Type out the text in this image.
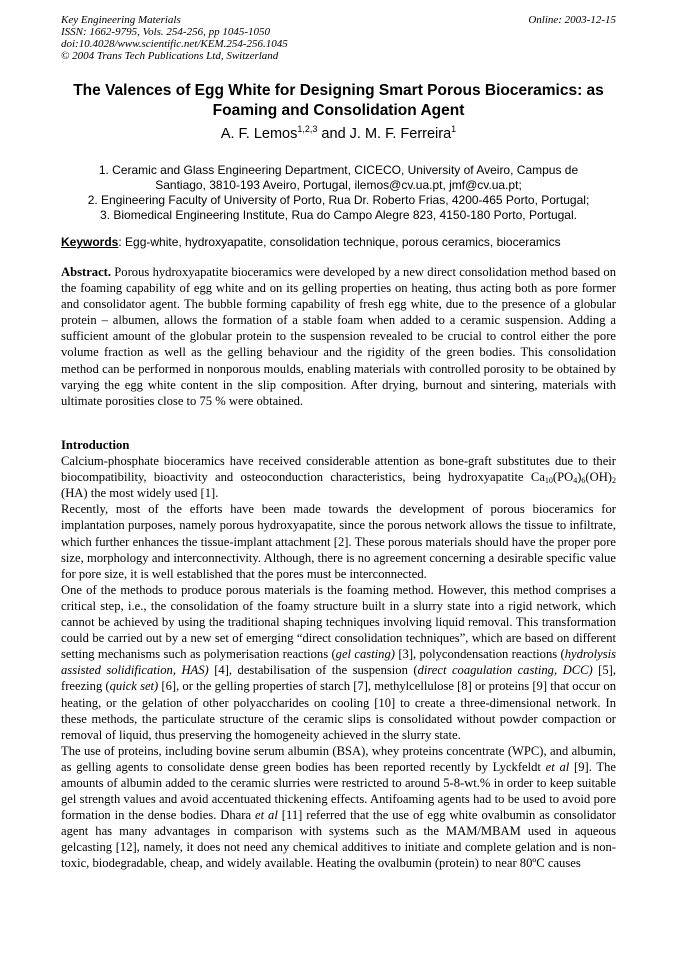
Key Engineering Materials
ISSN: 1662-9795, Vols. 254-256, pp 1045-1050
doi:10.4028/www.scientific.net/KEM.254-256.1045
© 2004 Trans Tech Publications Ltd, Switzerland
Online: 2003-12-15
The Valences of Egg White for Designing Smart Porous Bioceramics: as
Foaming and Consolidation Agent
A. F. Lemos$^{1,2,3}$ and J. M. F. Ferreira$^1$
1. Ceramic and Glass Engineering Department, CICECO, University of Aveiro, Campus de
Santiago, 3810-193 Aveiro, Portugal, ilemos@cv.ua.pt, jmf@cv.ua.pt;
2. Engineering Faculty of University of Porto, Rua Dr. Roberto Frias, 4200-465 Porto, Portugal;
3. Biomedical Engineering Institute, Rua do Campo Alegre 823, 4150-180 Porto, Portugal.
Keywords: Egg-white, hydroxyapatite, consolidation technique, porous ceramics, bioceramics

Abstract. Porous hydroxyapatite bioceramics were developed by a new direct consolidation method based on the foaming capability of egg white and on its gelling properties on heating, thus acting both as pore former and consolidator agent. The bubble forming capability of fresh egg white, due to the presence of a globular protein – albumen, allows the formation of a stable foam when added to a ceramic suspension. Adding a sufficient amount of the globular protein to the suspension revealed to be crucial to control either the pore volume fraction as well as the gelling behaviour and the rigidity of the green bodies. This consolidation method can be performed in nonporous moulds, enabling materials with controlled porosity to be obtained by varying the egg white content in the slip composition. After drying, burnout and sintering, materials with ultimate porosities close to 75 % were obtained.

Introduction

Calcium-phosphate bioceramics have received considerable attention as bone-graft substitutes due to their biocompatibility, bioactivity and osteoconduction characteristics, being hydroxyapatite $Ca_{10}(PO_4)_6(OH)_2$ (HA) the most widely used [1].

Recently, most of the efforts have been made towards the development of porous bioceramics for implantation purposes, namely porous hydroxyapatite, since the porous network allows the tissue to infiltrate, which further enhances the tissue-implant attachment [2]. These porous materials should have the proper pore size, morphology and interconnectivity. Although, there is no agreement concerning a desirable specific value for pore size, it is well established that the pores must be interconnected.

One of the methods to produce porous materials is the foaming method. However, this method comprises a critical step, i.e., the consolidation of the foamy structure built in a slurry state into a rigid network, which cannot be achieved by using the traditional shaping techniques involving liquid removal. This transformation could be carried out by a new set of emerging “direct consolidation techniques”, which are based on different setting mechanisms such as polymerisation reactions (gel casting) [3], polycondensation reactions (hydrolysis assisted solidification, HAS) [4], destabilisation of the suspension (direct coagulation casting, DCC) [5], freezing (quick set) [6], or the gelling properties of starch [7], methylcellulose [8] or proteins [9] that occur on heating, or the gelation of other polyaccharides on cooling [10] to create a three-dimensional network. In these methods, the particulate structure of the ceramic slips is consolidated without powder compaction or removal of liquid, thus preserving the homogeneity achieved in the slurry state.

The use of proteins, including bovine serum albumin (BSA), whey proteins concentrate (WPC), and albumin, as gelling agents to consolidate dense green bodies has been reported recently by Lyckfeldt et al [9]. The amounts of albumin added to the ceramic slurries were restricted to around 5-8-wt.% in order to keep suitable gel strength values and avoid accentuated thickening effects. Antifoaming agents had to be used to avoid pore formation in the dense bodies. Dhara et al [11] referred that the use of egg white ovalbumin as consolidator agent has many advantages in comparison with systems such as the MAM/MBAM used in aqueous gelcasting [12], namely, it does not need any chemical additives to initiate and complete gelation and is non-toxic, biodegradable, cheap, and widely available. Heating the ovalbumin (protein) to near 80ºC causes
